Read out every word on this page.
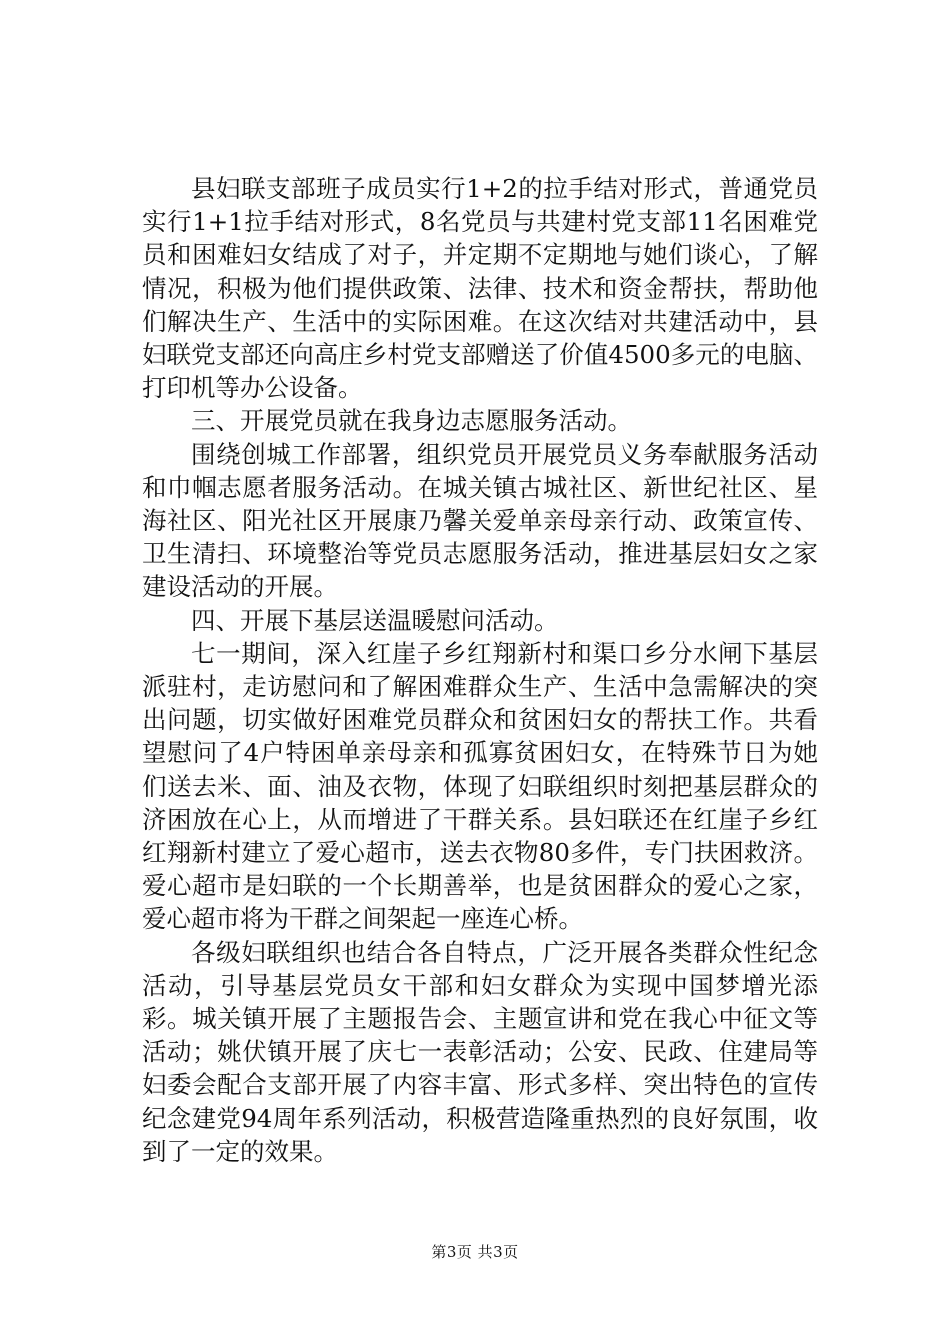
县妇联支部班子成员实行1+2的拉手结对形式，普通党员实行1+1拉手结对形式，8名党员与共建村党支部11名困难党员和困难妇女结成了对子，并定期不定期地与她们谈心，了解情况，积极为他们提供政策、法律、技术和资金帮扶，帮助他们解决生产、生活中的实际困难。在这次结对共建活动中，县妇联党支部还向高庄乡村党支部赠送了价值4500多元的电脑、打印机等办公设备。

三、开展党员就在我身边志愿服务活动。

围绕创城工作部署，组织党员开展党员义务奉献服务活动和巾帼志愿者服务活动。在城关镇古城社区、新世纪社区、星海社区、阳光社区开展康乃馨关爱单亲母亲行动、政策宣传、卫生清扫、环境整治等党员志愿服务活动，推进基层妇女之家建设活动的开展。

四、开展下基层送温暖慰问活动。

七一期间，深入红崖子乡红翔新村和渠口乡分水闸下基层派驻村，走访慰问和了解困难群众生产、生活中急需解决的突出问题，切实做好困难党员群众和贫困妇女的帮扶工作。共看望慰问了4户特困单亲母亲和孤寡贫困妇女，在特殊节日为她们送去米、面、油及衣物，体现了妇联组织时刻把基层群众的济困放在心上，从而增进了干群关系。县妇联还在红崖子乡红红翔新村建立了爱心超市，送去衣物80多件，专门扶困救济。爱心超市是妇联的一个长期善举，也是贫困群众的爱心之家，爱心超市将为干群之间架起一座连心桥。

各级妇联组织也结合各自特点，广泛开展各类群众性纪念活动，引导基层党员女干部和妇女群众为实现中国梦增光添彩。城关镇开展了主题报告会、主题宣讲和党在我心中征文等活动；姚伏镇开展了庆七一表彰活动；公安、民政、住建局等妇委会配合支部开展了内容丰富、形式多样、突出特色的宣传纪念建党94周年系列活动，积极营造隆重热烈的良好氛围，收到了一定的效果。

第3页 共3页
